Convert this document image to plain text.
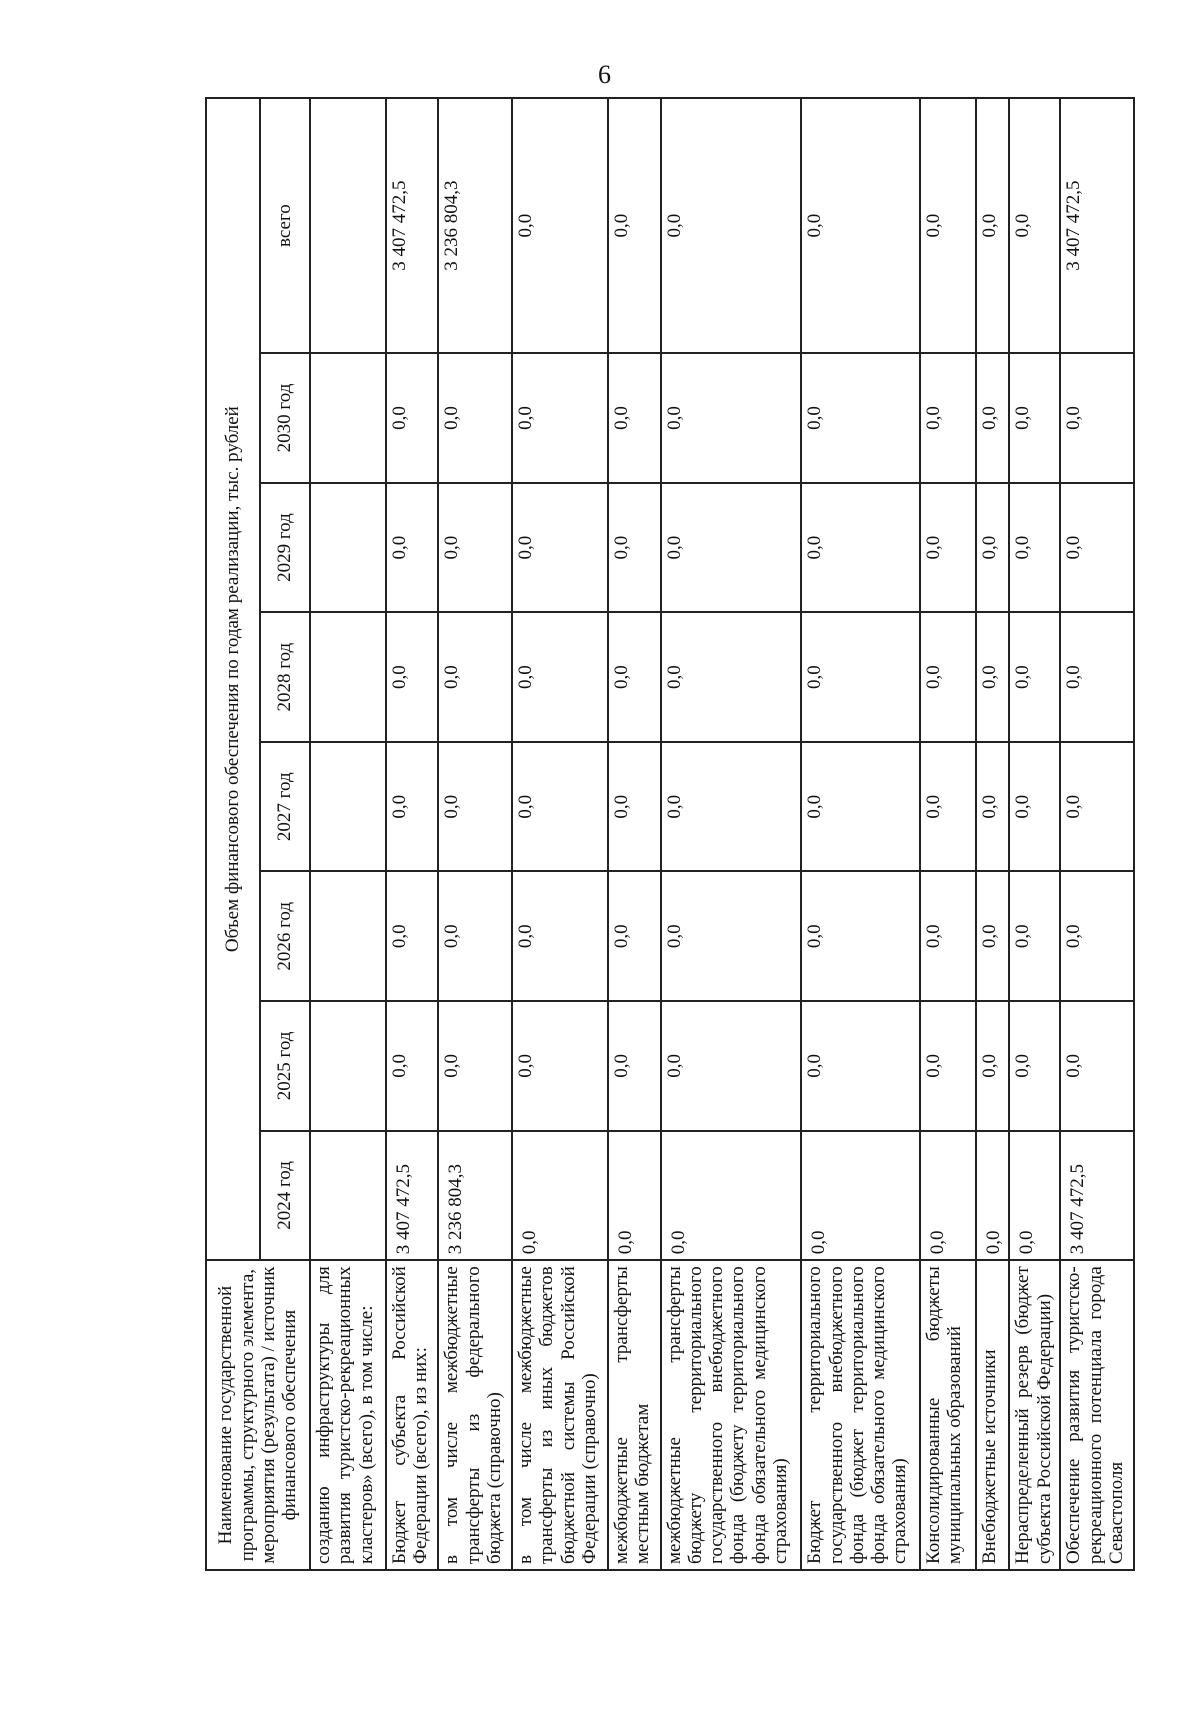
6
Наименование государственной программы, структурного элемента, мероприятия (результата) / источник финансового обеспечения	Объем финансового обеспечения по годам реализации, тыс. рублей							
	2024 год	2025 год	2026 год	2027 год	2028 год	2029 год	2030 год	всего
созданию инфраструктуры для развития туристско-рекреационных кластеров» (всего), в том числе:								
Бюджет субъекта Российской Федерации (всего), из них:	3 407 472,5	0,0	0,0	0,0	0,0	0,0	0,0	3 407 472,5
в том числе межбюджетные трансферты из федерального бюджета (справочно)	3 236 804,3	0,0	0,0	0,0	0,0	0,0	0,0	3 236 804,3
в том числе межбюджетные трансферты из иных бюджетов бюджетной системы Российской Федерации (справочно)	0,0	0,0	0,0	0,0	0,0	0,0	0,0	0,0
межбюджетные трансферты местным бюджетам	0,0	0,0	0,0	0,0	0,0	0,0	0,0	0,0
межбюджетные трансферты бюджету территориального государственного внебюджетного фонда (бюджету территориального фонда обязательного медицинского страхования)	0,0	0,0	0,0	0,0	0,0	0,0	0,0	0,0
Бюджет территориального государственного внебюджетного фонда (бюджет территориального фонда обязательного медицинского страхования)	0,0	0,0	0,0	0,0	0,0	0,0	0,0	0,0
Консолидированные бюджеты муниципальных образований	0,0	0,0	0,0	0,0	0,0	0,0	0,0	0,0
Внебюджетные источники	0,0	0,0	0,0	0,0	0,0	0,0	0,0	0,0
Нераспределенный резерв (бюджет субъекта Российской Федерации)	0,0	0,0	0,0	0,0	0,0	0,0	0,0	0,0
Обеспечение развития туристско-рекреационного потенциала города Севастополя	3 407 472,5	0,0	0,0	0,0	0,0	0,0	0,0	3 407 472,5
